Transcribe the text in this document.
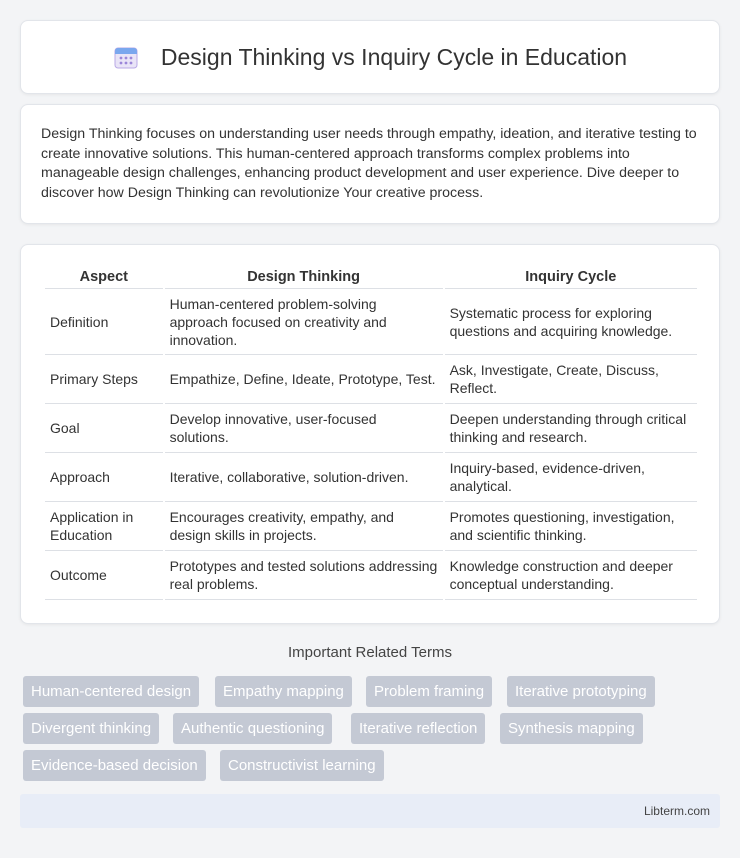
Design Thinking vs Inquiry Cycle in Education

Design Thinking focuses on understanding user needs through empathy, ideation, and iterative testing to create innovative solutions. This human-centered approach transforms complex problems into manageable design challenges, enhancing product development and user experience. Dive deeper to discover how Design Thinking can revolutionize Your creative process.

Aspect	Design Thinking	Inquiry Cycle
Definition	Human-centered problem-solving approach focused on creativity and innovation.	Systematic process for exploring questions and acquiring knowledge.
Primary Steps	Empathize, Define, Ideate, Prototype, Test.	Ask, Investigate, Create, Discuss, Reflect.
Goal	Develop innovative, user-focused solutions.	Deepen understanding through critical thinking and research.
Approach	Iterative, collaborative, solution-driven.	Inquiry-based, evidence-driven, analytical.
Application in Education	Encourages creativity, empathy, and design skills in projects.	Promotes questioning, investigation, and scientific thinking.
Outcome	Prototypes and tested solutions addressing real problems.	Knowledge construction and deeper conceptual understanding.
Important Related Terms
Human-centered design	Empathy mapping	Problem framing	Iterative prototyping
Divergent thinking	Authentic questioning	Iterative reflection	Synthesis mapping
Evidence-based decision	Constructivist learning
Libterm.com
